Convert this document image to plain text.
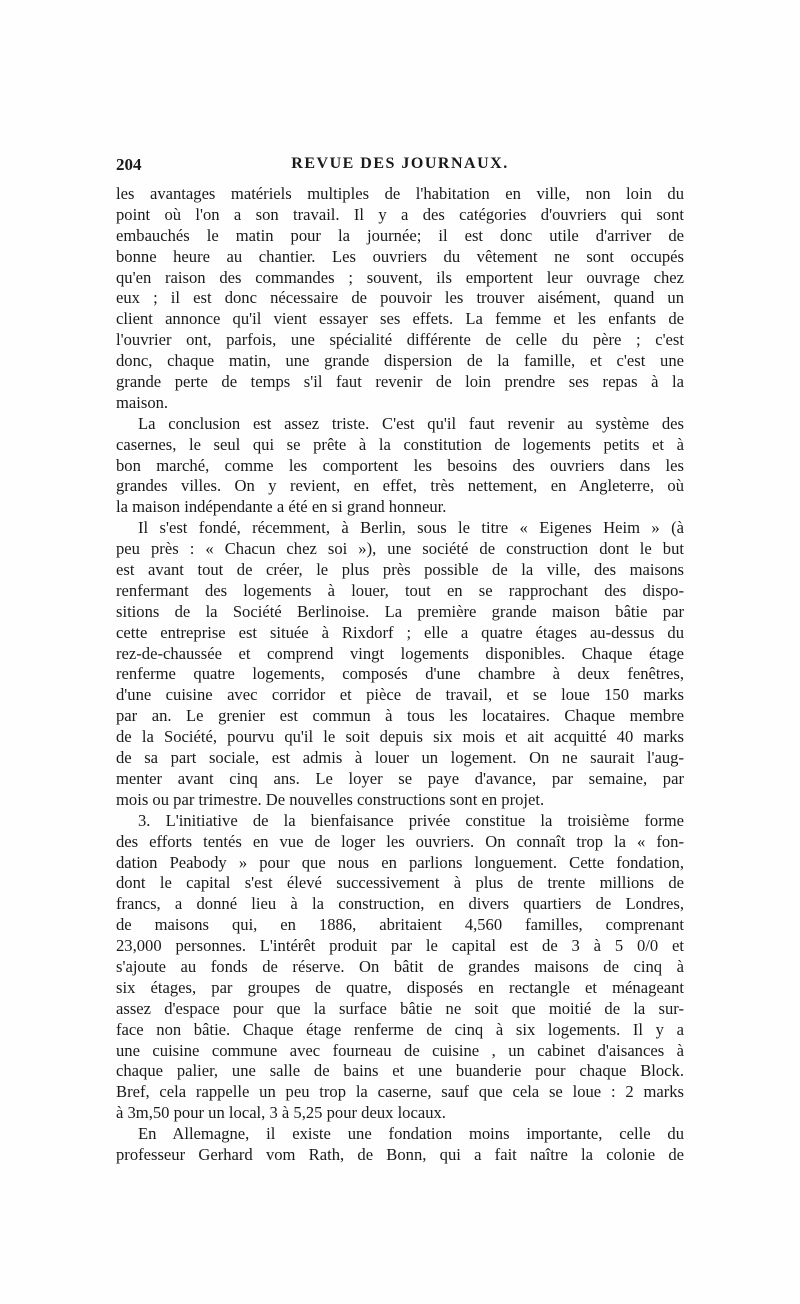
204	REVUE DES JOURNAUX.
les avantages matériels multiples de l'habitation en ville, non loin du
point où l'on a son travail. Il y a des catégories d'ouvriers qui sont
embauchés le matin pour la journée; il est donc utile d'arriver de
bonne heure au chantier. Les ouvriers du vêtement ne sont occupés
qu'en raison des commandes ; souvent, ils emportent leur ouvrage chez
eux ; il est donc nécessaire de pouvoir les trouver aisément, quand un
client annonce qu'il vient essayer ses effets. La femme et les enfants de
l'ouvrier ont, parfois, une spécialité différente de celle du père ; c'est
donc, chaque matin, une grande dispersion de la famille, et c'est une
grande perte de temps s'il faut revenir de loin prendre ses repas à la
maison.
La conclusion est assez triste. C'est qu'il faut revenir au système des
casernes, le seul qui se prête à la constitution de logements petits et à
bon marché, comme les comportent les besoins des ouvriers dans les
grandes villes. On y revient, en effet, très nettement, en Angleterre, où
la maison indépendante a été en si grand honneur.
Il s'est fondé, récemment, à Berlin, sous le titre « Eigenes Heim » (à
peu près : « Chacun chez soi »), une société de construction dont le but
est avant tout de créer, le plus près possible de la ville, des maisons
renfermant des logements à louer, tout en se rapprochant des dispo-
sitions de la Société Berlinoise. La première grande maison bâtie par
cette entreprise est située à Rixdorf ; elle a quatre étages au-dessus du
rez-de-chaussée et comprend vingt logements disponibles. Chaque étage
renferme quatre logements, composés d'une chambre à deux fenêtres,
d'une cuisine avec corridor et pièce de travail, et se loue 150 marks
par an. Le grenier est commun à tous les locataires. Chaque membre
de la Société, pourvu qu'il le soit depuis six mois et ait acquitté 40 marks
de sa part sociale, est admis à louer un logement. On ne saurait l'aug-
menter avant cinq ans. Le loyer se paye d'avance, par semaine, par
mois ou par trimestre. De nouvelles constructions sont en projet.
3. L'initiative de la bienfaisance privée constitue la troisième forme
des efforts tentés en vue de loger les ouvriers. On connaît trop la « fon-
dation Peabody » pour que nous en parlions longuement. Cette fondation,
dont le capital s'est élevé successivement à plus de trente millions de
francs, a donné lieu à la construction, en divers quartiers de Londres,
de maisons qui, en 1886, abritaient 4,560 familles, comprenant
23,000 personnes. L'intérêt produit par le capital est de 3 à 5 0/0 et
s'ajoute au fonds de réserve. On bâtit de grandes maisons de cinq à
six étages, par groupes de quatre, disposés en rectangle et ménageant
assez d'espace pour que la surface bâtie ne soit que moitié de la sur-
face non bâtie. Chaque étage renferme de cinq à six logements. Il y a
une cuisine commune avec fourneau de cuisine , un cabinet d'aisances à
chaque palier, une salle de bains et une buanderie pour chaque Block.
Bref, cela rappelle un peu trop la caserne, sauf que cela se loue : 2 marks
à 3m,50 pour un local, 3 à 5,25 pour deux locaux.
En Allemagne, il existe une fondation moins importante, celle du
professeur Gerhard vom Rath, de Bonn, qui a fait naître la colonie de
